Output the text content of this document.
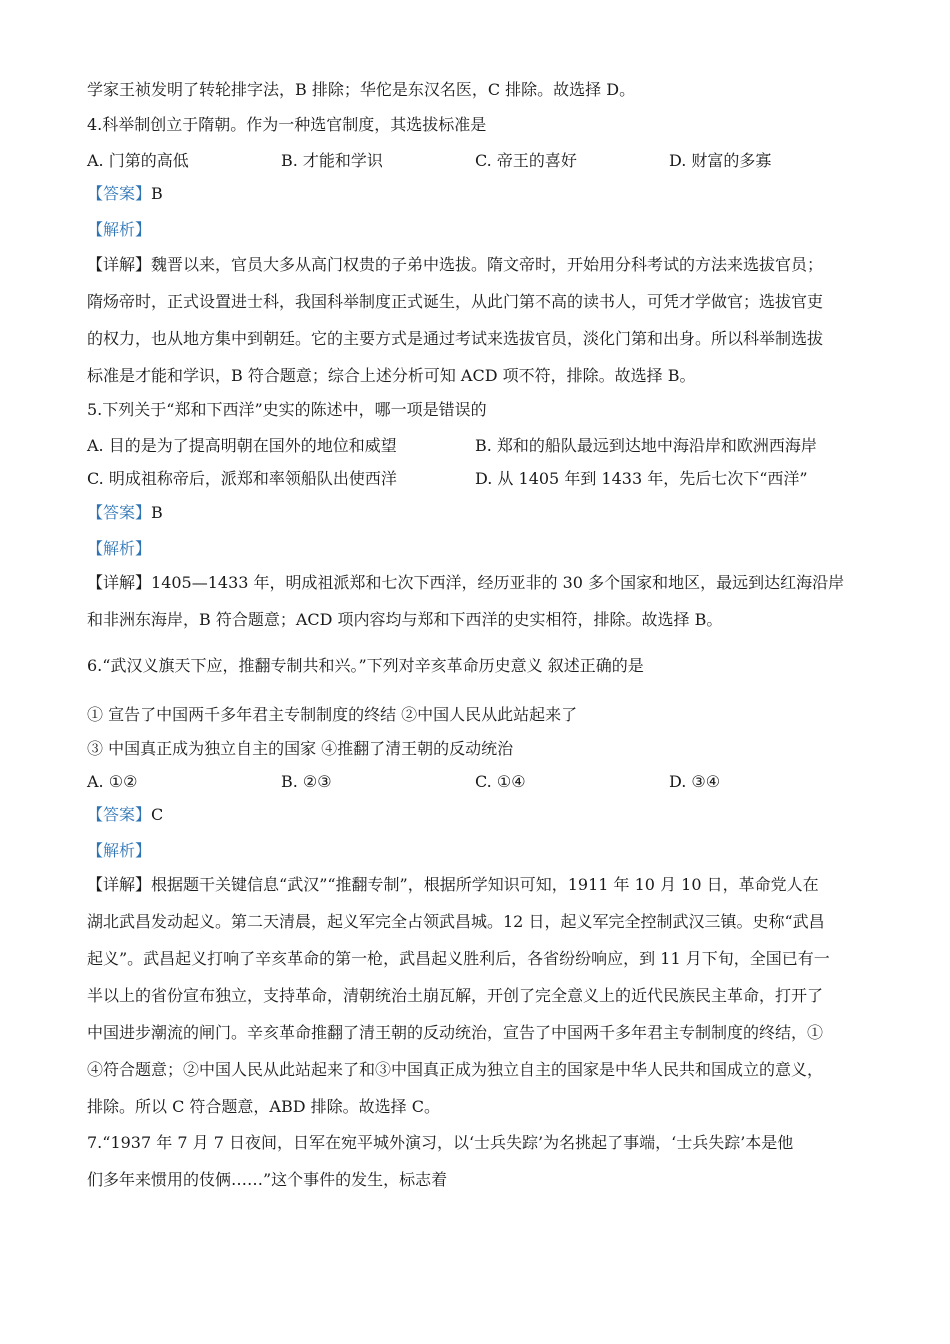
学家王祯发明了转轮排字法，B 排除；华佗是东汉名医，C 排除。故选择 D。
4.科举制创立于隋朝。作为一种选官制度，其选拔标准是
A. 门第的高低	B. 才能和学识	C. 帝王的喜好	D. 财富的多寡
【答案】B
【解析】
【详解】魏晋以来，官员大多从高门权贵的子弟中选拔。隋文帝时，开始用分科考试的方法来选拔官员；
隋炀帝时，正式设置进士科，我国科举制度正式诞生，从此门第不高的读书人，可凭才学做官；选拔官吏
的权力，也从地方集中到朝廷。它的主要方式是通过考试来选拔官员，淡化门第和出身。所以科举制选拔
标准是才能和学识，B 符合题意；综合上述分析可知 ACD 项不符，排除。故选择 B。
5.下列关于“郑和下西洋”史实的陈述中，哪一项是错误的
A. 目的是为了提高明朝在国外的地位和威望	B. 郑和的船队最远到达地中海沿岸和欧洲西海岸
C. 明成祖称帝后，派郑和率领船队出使西洋	D. 从 1405 年到 1433 年，先后七次下“西洋”
【答案】B
【解析】
【详解】1405—1433 年，明成祖派郑和七次下西洋，经历亚非的 30 多个国家和地区，最远到达红海沿岸
和非洲东海岸，B 符合题意；ACD 项内容均与郑和下西洋的史实相符，排除。故选择 B。
6.“武汉义旗天下应，推翻专制共和兴。”下列对辛亥革命历史意义 叙述正确的是
① 宣告了中国两千多年君主专制制度的终结 ②中国人民从此站起来了
③ 中国真正成为独立自主的国家 ④推翻了清王朝的反动统治
A. ①②	B. ②③	C. ①④	D. ③④
【答案】C
【解析】
【详解】根据题干关键信息“武汉”“推翻专制”，根据所学知识可知，1911 年 10 月 10 日，革命党人在
湖北武昌发动起义。第二天清晨，起义军完全占领武昌城。12 日，起义军完全控制武汉三镇。史称“武昌
起义”。武昌起义打响了辛亥革命的第一枪，武昌起义胜利后，各省纷纷响应，到 11 月下旬，全国已有一
半以上的省份宣布独立，支持革命，清朝统治土崩瓦解，开创了完全意义上的近代民族民主革命，打开了
中国进步潮流的闸门。辛亥革命推翻了清王朝的反动统治，宣告了中国两千多年君主专制制度的终结，①
④符合题意；②中国人民从此站起来了和③中国真正成为独立自主的国家是中华人民共和国成立的意义，
排除。所以 C 符合题意，ABD 排除。故选择 C。
7.“1937 年 7 月 7 日夜间，日军在宛平城外演习，以‘士兵失踪’为名挑起了事端，‘士兵失踪’本是他
们多年来惯用的伎俩……”这个事件的发生，标志着
